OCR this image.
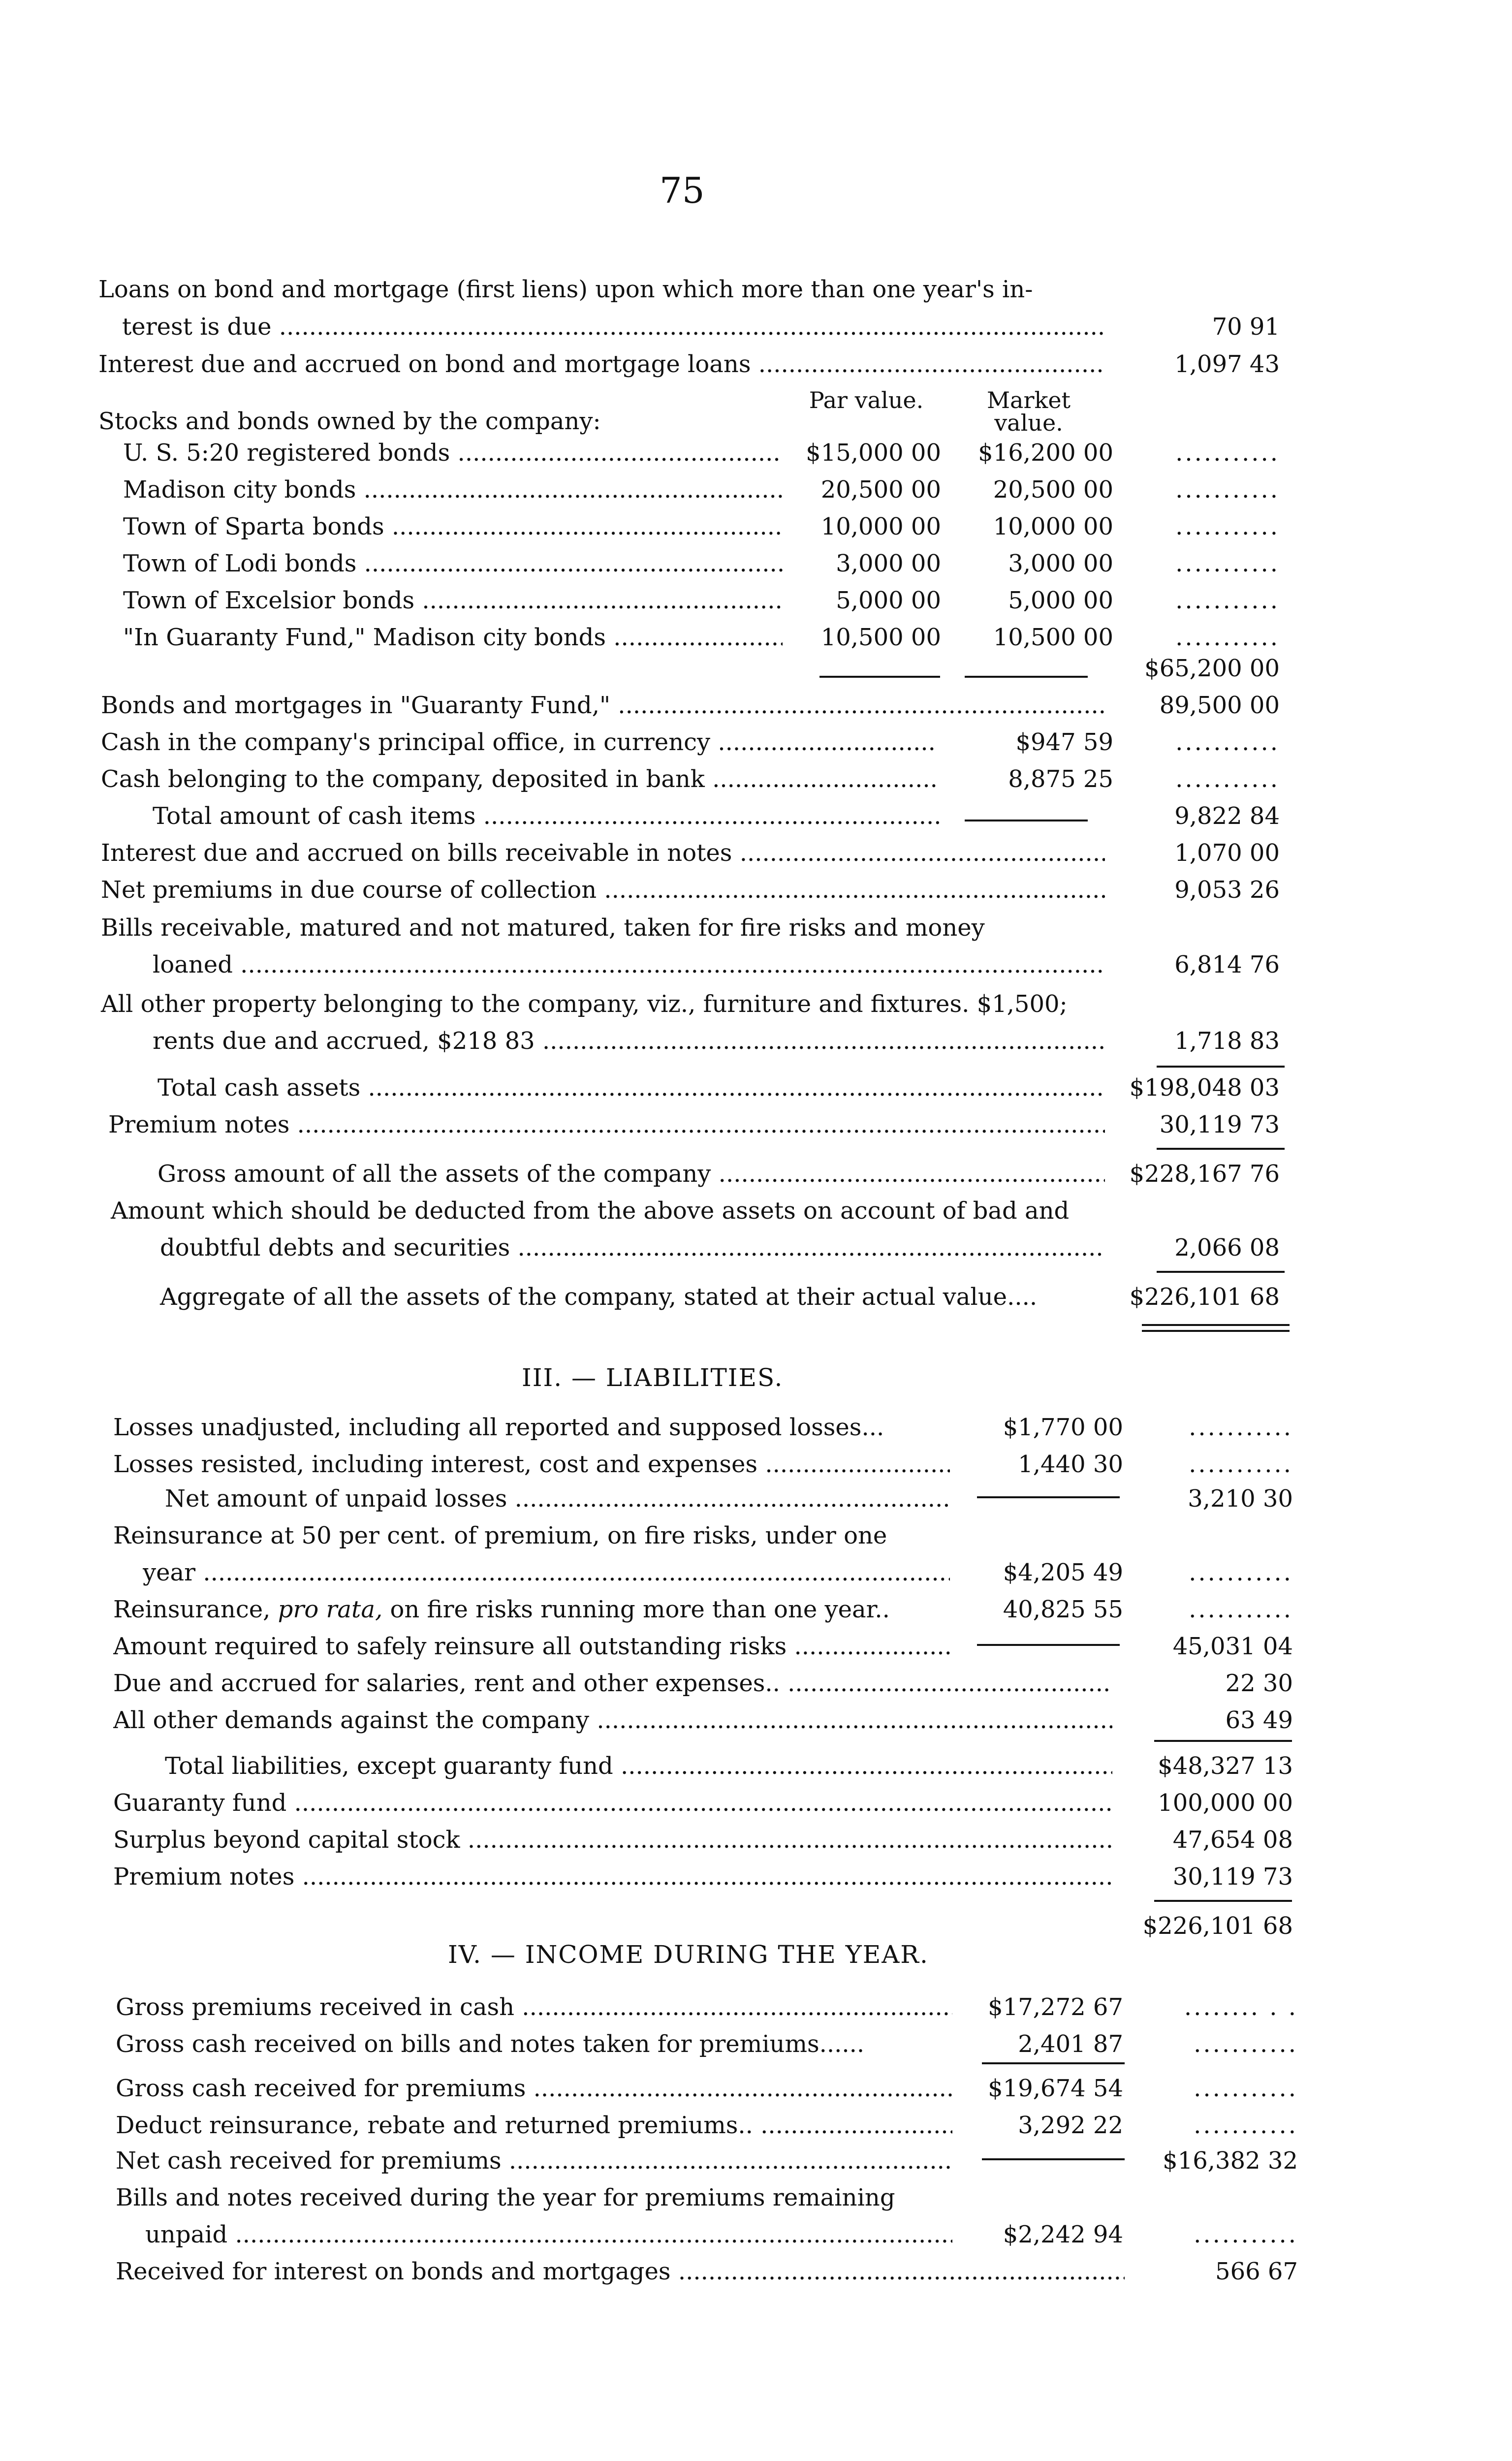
75
Loans on bond and mortgage (first liens) upon which more than one year's in-
terest is due .....	70 91
Interest due and accrued on bond and mortgage loans .....	1,097 43
Stocks and bonds owned by the company:
Par value.	Market value.
U. S. 5:20 registered bonds .....	$15,000 00 $16,200 00	...........
Madison city bonds .....	20,500 00 20,500 00	...........
Town of Sparta bonds .....	10,000 00 10,000 00	...........
Town of Lodi bonds .....	3,000 00	3,000 00	...........
Town of Excelsior bonds .....	5,000 00	5,000 00	...........
"In Guaranty Fund," Madison city bonds .....	10,500 00 10,500 00	...........
$65,200 00
Bonds and mortgages in "Guaranty Fund," .....	89,500 00
Cash in the company's principal office, in currency .....	$947 59	...........
Cash belonging to the company, deposited in bank .....	8,875 25	...........
Total amount of cash items .....	9,822 84
Interest due and accrued on bills receivable in notes .....	1,070 00
Net premiums in due course of collection .....	9,053 26
Bills receivable, matured and not matured, taken for fire risks and money
loaned .....	6,814 76
All other property belonging to the company, viz., furniture and fixtures. $1,500;
rents due and accrued, $218 83 .....	1,718 83
Total cash assets .....	$198,048 03
Premium notes .....	30,119 73
Gross amount of all the assets of the company .....	$228,167 76
Amount which should be deducted from the above assets on account of bad and
doubtful debts and securities .....	2,066 08
Aggregate of all the assets of the company, stated at their actual value....	$226,101 68
III. — LIABILITIES.
Losses unadjusted, including all reported and supposed losses...	$1,770 00	...........
Losses resisted, including interest, cost and expenses .....	1,440 30	...........
Net amount of unpaid losses .....	3,210 30
Reinsurance at 50 per cent. of premium, on fire risks, under one
year .....	$4,205 49	...........
Reinsurance, pro rata, on fire risks running more than one year..	40,825 55	...........
Amount required to safely reinsure all outstanding risks .....	45,031 04
Due and accrued for salaries, rent and other expenses.. .....	22 30
All other demands against the company .....	63 49
Total liabilities, except guaranty fund .....	$48,327 13
Guaranty fund .....	100,000 00
Surplus beyond capital stock .....	47,654 08
Premium notes .....	30,119 73
$226,101 68
IV. — INCOME DURING THE YEAR.
Gross premiums received in cash .....	$17,272 67	........ . .
Gross cash received on bills and notes taken for premiums......	2,401 87	...........
Gross cash received for premiums .....	$19,674 54	...........
Deduct reinsurance, rebate and returned premiums.. .....	3,292 22	...........
Net cash received for premiums .....	$16,382 32
Bills and notes received during the year for premiums remaining
unpaid .....	$2,242 94	...........
Received for interest on bonds and mortgages .....	566 67
